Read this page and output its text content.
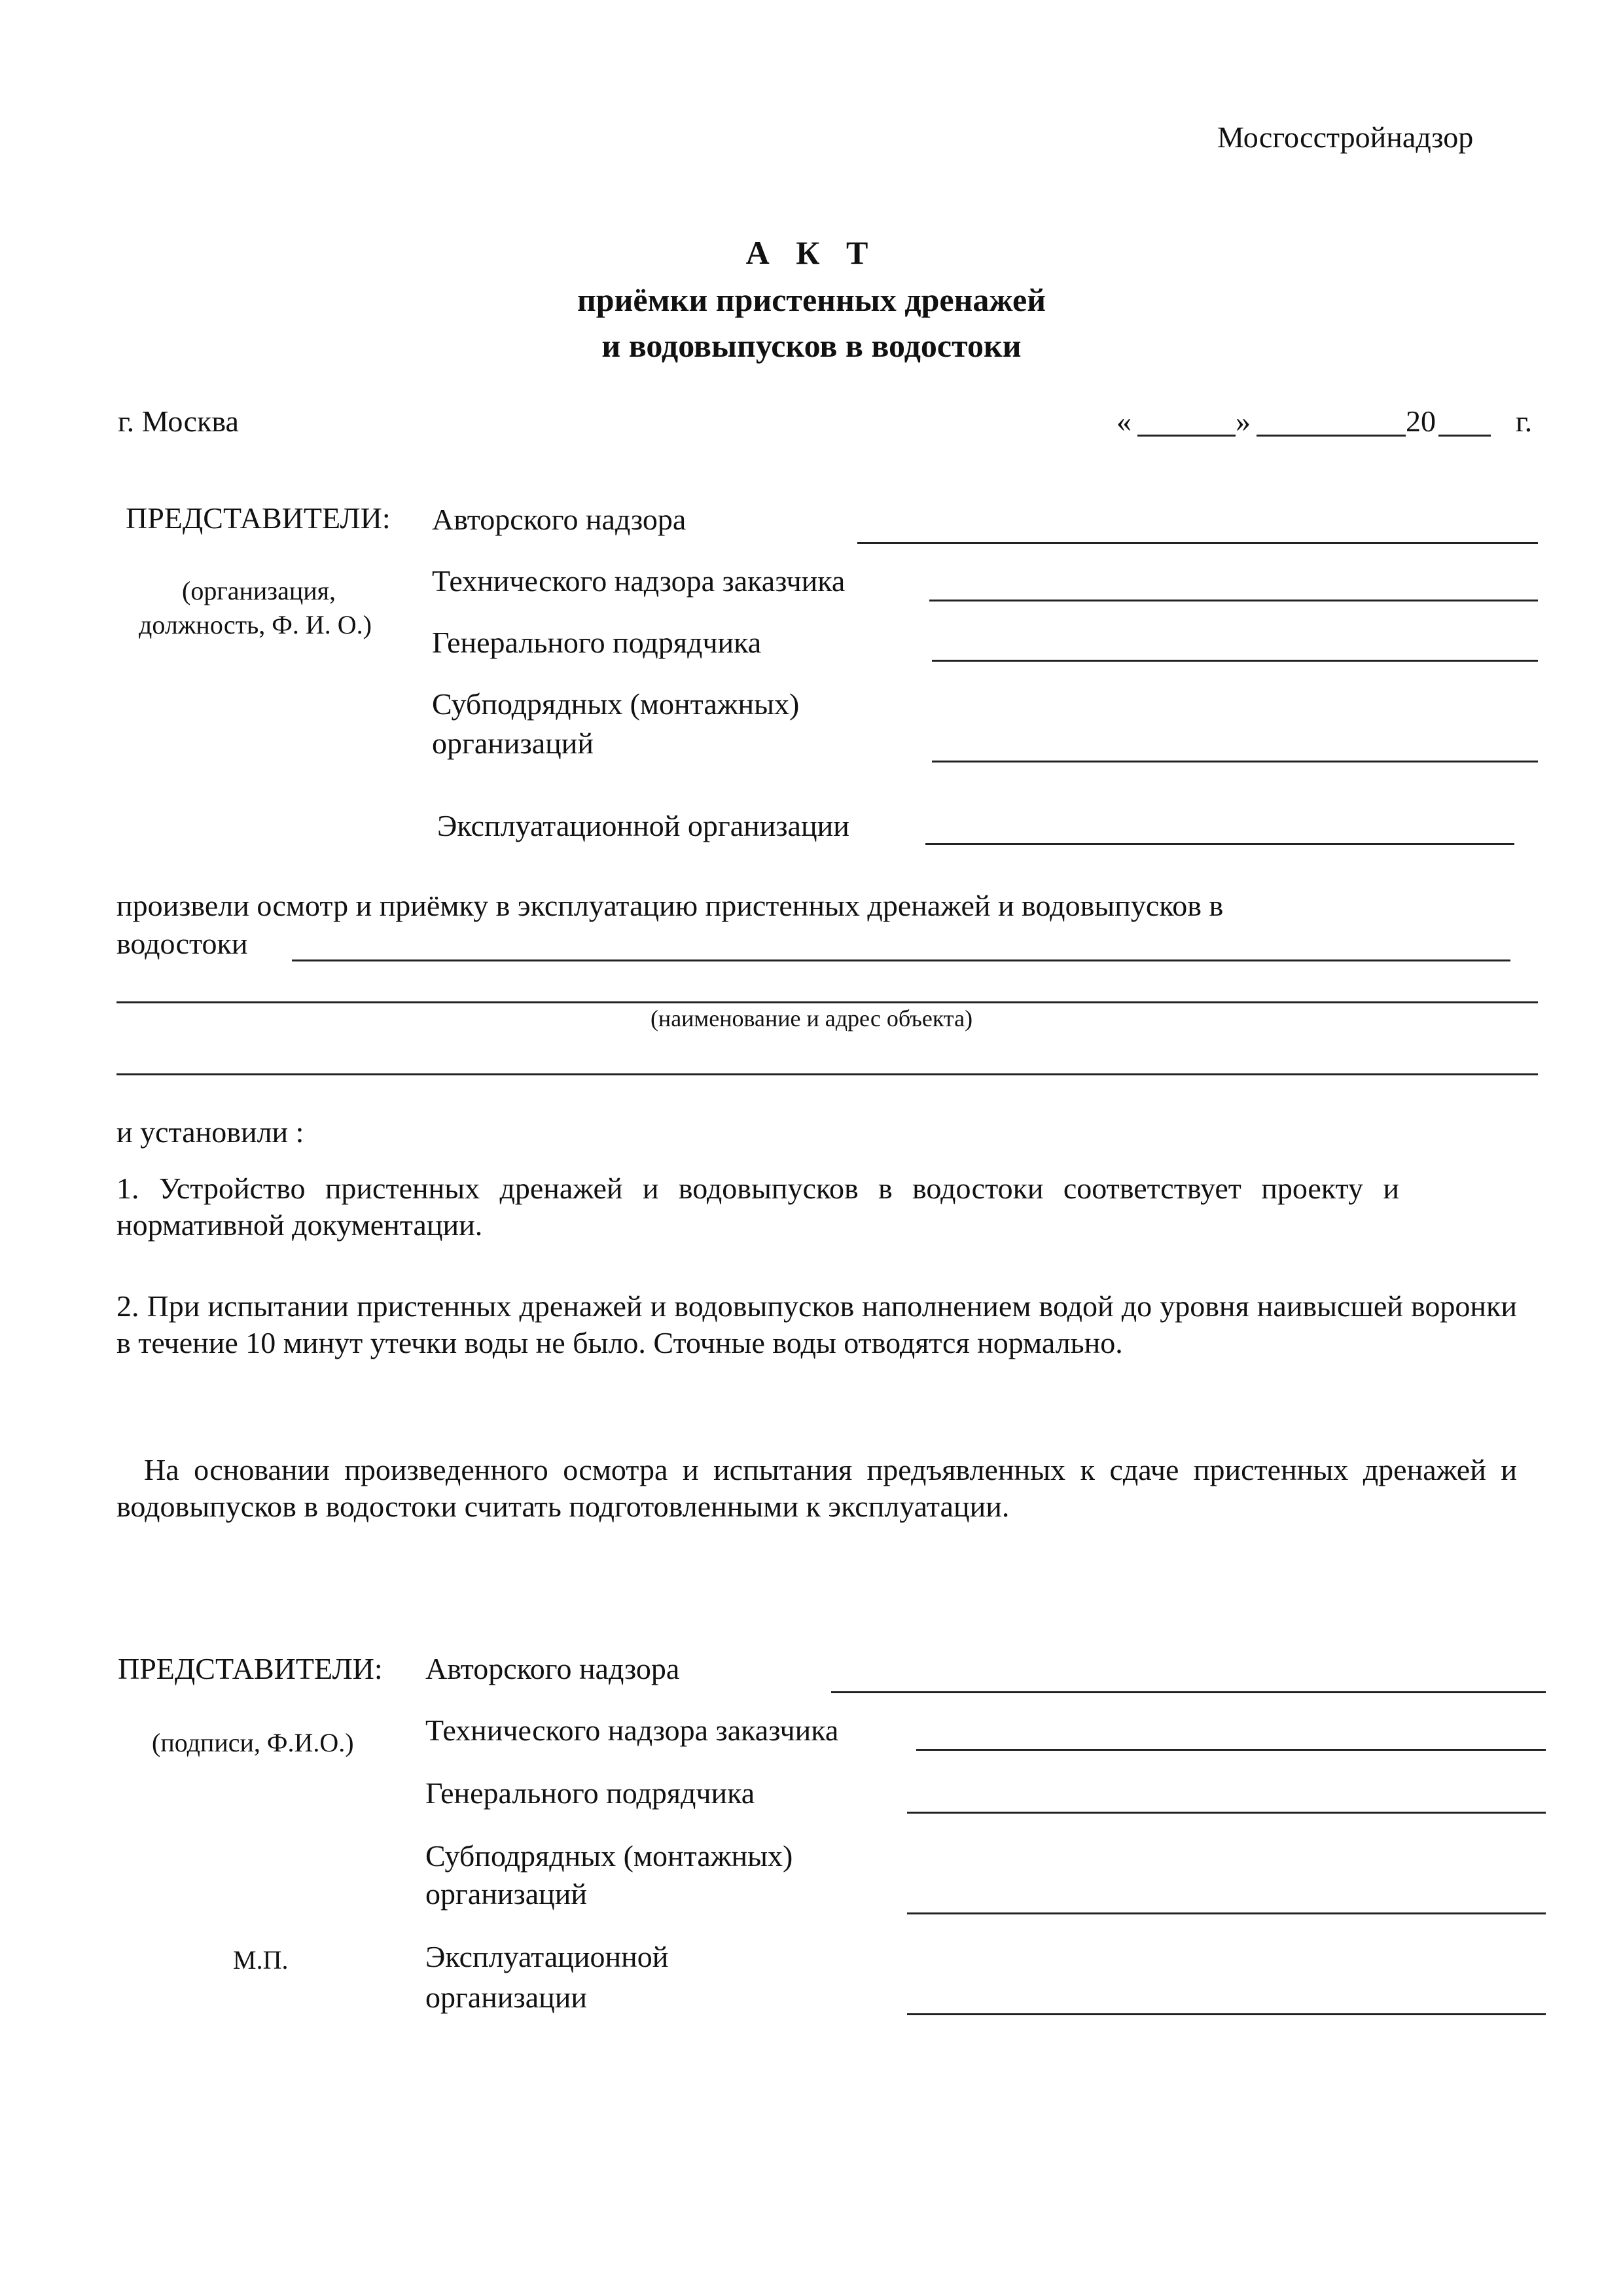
Мосгосстройнадзор
А К Т
приёмки пристенных дренажей
и водовыпусков в водостоки
г. Москва	«	»	20	г.
ПРЕДСТАВИТЕЛИ:
(организация,
должность, Ф. И. О.)
Авторского надзора
Технического надзора заказчика
Генерального подрядчика
Субподрядных (монтажных)
организаций
Эксплуатационной организации
произвели осмотр и приёмку в эксплуатацию пристенных дренажей и водовыпусков в
водостоки
(наименование и адрес объекта)
и установили :
1. Устройство пристенных дренажей и водовыпусков в водостоки соответствует проекту и нормативной документации.
2. При испытании пристенных дренажей и водовыпусков наполнением водой до уровня наивысшей воронки в течение 10 минут утечки воды не было. Сточные воды отводятся нормально.
На основании произведенного осмотра и испытания предъявленных к сдаче пристенных дренажей и водовыпусков в водостоки считать подготовленными к эксплуатации.
ПРЕДСТАВИТЕЛИ:
(подписи, Ф.И.О.)
М.П.
Авторского надзора
Технического надзора заказчика
Генерального подрядчика
Субподрядных (монтажных)
организаций
Эксплуатационной
организации
